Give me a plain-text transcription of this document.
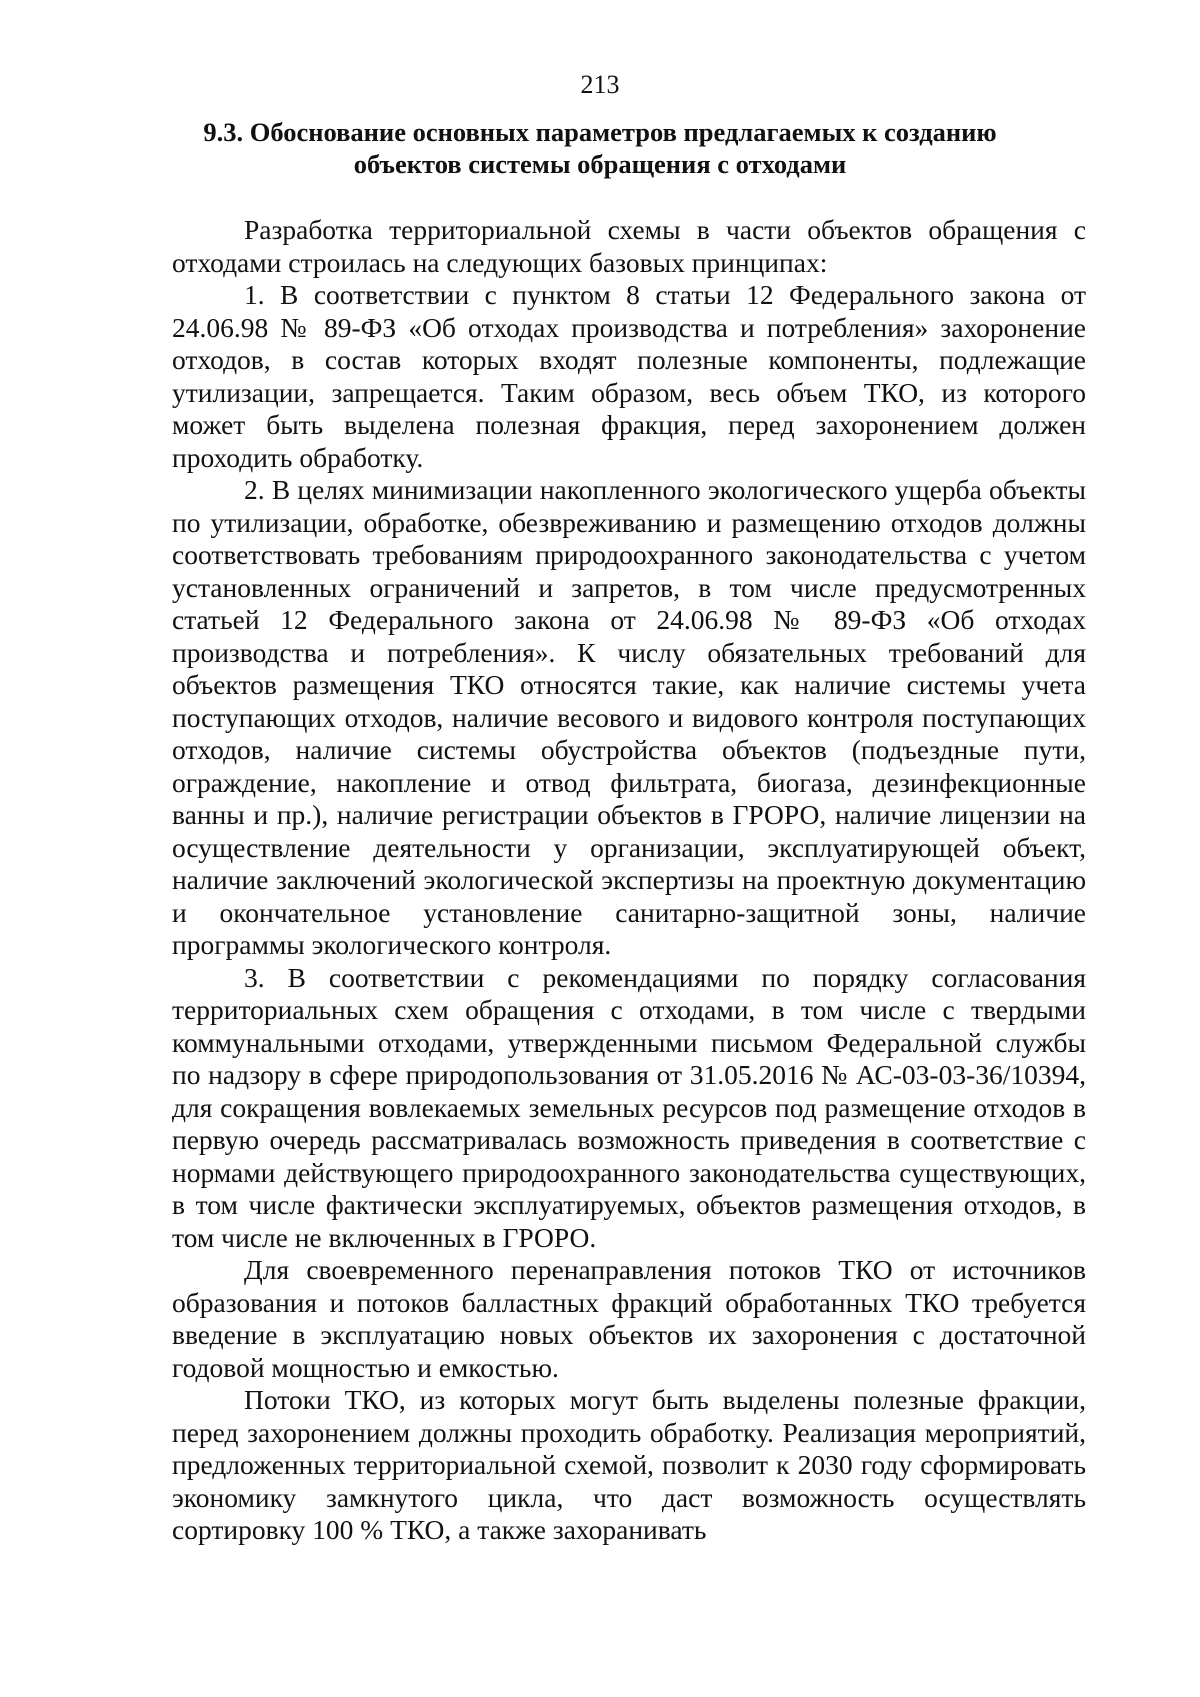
213
9.3. Обоснование основных параметров предлагаемых к созданию
объектов системы обращения с отходами

Разработка территориальной схемы в части объектов обращения с отходами строилась на следующих базовых принципах:

1. В соответствии с пунктом 8 статьи 12 Федерального закона от 24.06.98 № 89-ФЗ «Об отходах производства и потребления» захоронение отходов, в состав которых входят полезные компоненты, подлежащие утилизации, запрещается. Таким образом, весь объем ТКО, из которого может быть выделена полезная фракция, перед захоронением должен проходить обработку.

2. В целях минимизации накопленного экологического ущерба объекты по утилизации, обработке, обезвреживанию и размещению отходов должны соответствовать требованиям природоохранного законодательства с учетом установленных ограничений и запретов, в том числе предусмотренных статьей 12 Федерального закона от 24.06.98 № 89-ФЗ «Об отходах производства и потребления». К числу обязательных требований для объектов размещения ТКО относятся такие, как наличие системы учета поступающих отходов, наличие весового и видового контроля поступающих отходов, наличие системы обустройства объектов (подъездные пути, ограждение, накопление и отвод фильтрата, биогаза, дезинфекционные ванны и пр.), наличие регистрации объектов в ГРОРО, наличие лицензии на осуществление деятельности у организации, эксплуатирующей объект, наличие заключений экологической экспертизы на проектную документацию и окончательное установление санитарно-защитной зоны, наличие программы экологического контроля.

3. В соответствии с рекомендациями по порядку согласования территориальных схем обращения с отходами, в том числе с твердыми коммунальными отходами, утвержденными письмом Федеральной службы по надзору в сфере природопользования от 31.05.2016 № АС-03-03-36/10394, для сокращения вовлекаемых земельных ресурсов под размещение отходов в первую очередь рассматривалась возможность приведения в соответствие с нормами действующего природоохранного законодательства существующих, в том числе фактически эксплуатируемых, объектов размещения отходов, в том числе не включенных в ГРОРО.

Для своевременного перенаправления потоков ТКО от источников образования и потоков балластных фракций обработанных ТКО требуется введение в эксплуатацию новых объектов их захоронения с достаточной годовой мощностью и емкостью.

Потоки ТКО, из которых могут быть выделены полезные фракции, перед захоронением должны проходить обработку. Реализация мероприятий, предложенных территориальной схемой, позволит к 2030 году сформировать экономику замкнутого цикла, что даст возможность осуществлять сортировку 100 % ТКО, а также захоранивать
